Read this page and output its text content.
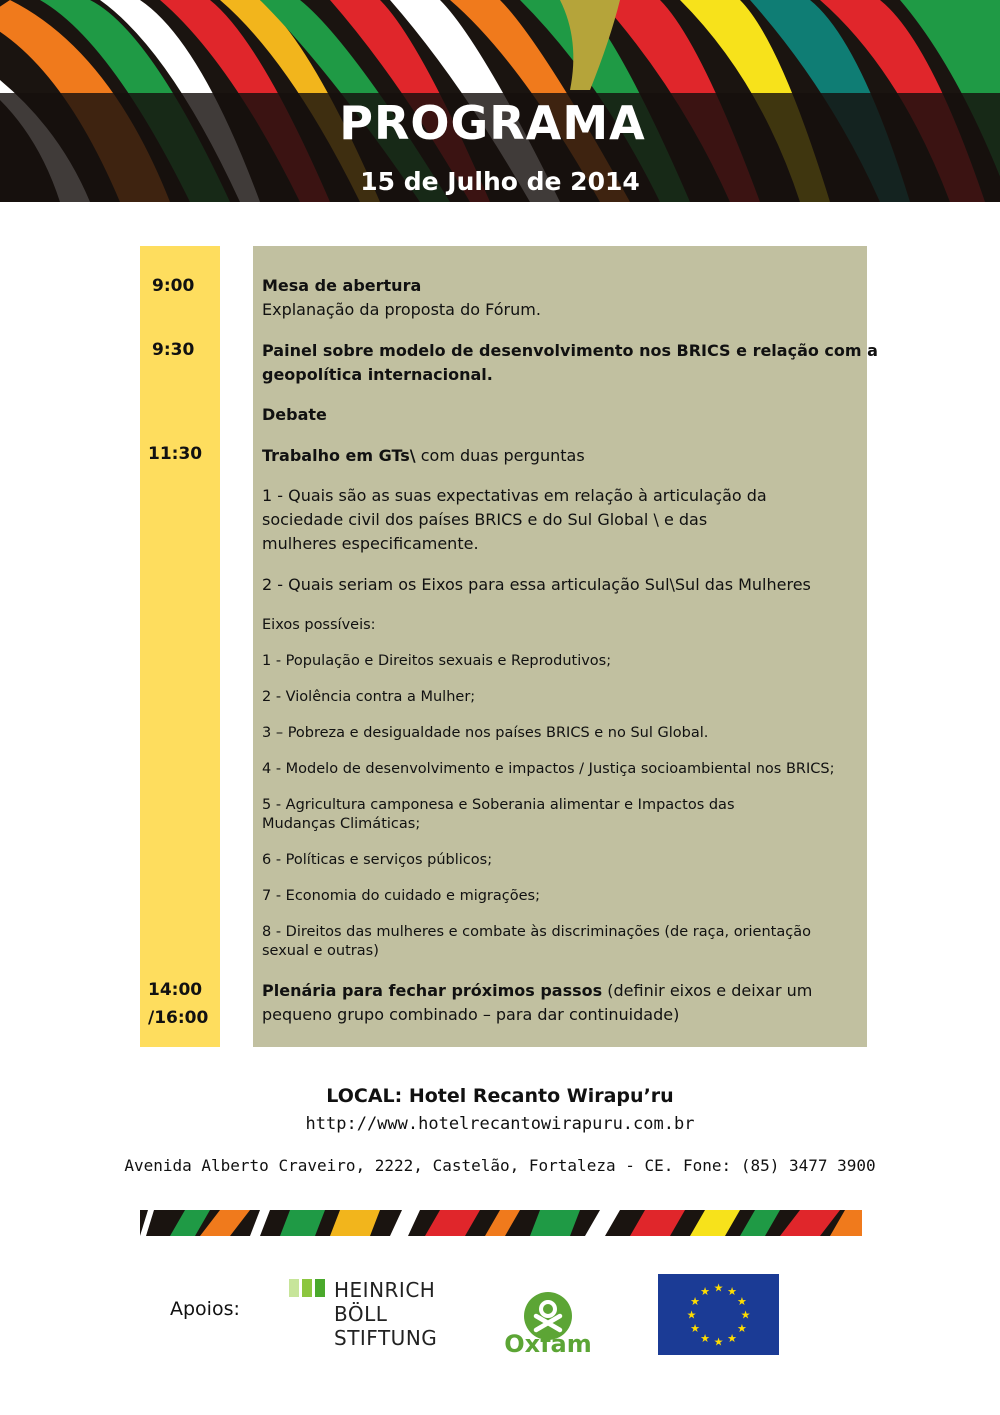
PROGRAMA
15 de Julho de 2014
9:00
9:30
11:30
14:00
/16:00
Mesa de abertura
Explanação da proposta do Fórum.
Painel sobre modelo de desenvolvimento nos BRICS e relação com a
geopolítica internacional.
Debate
Trabalho em GTs\ com duas perguntas
1 - Quais são as suas expectativas em relação à articulação da
sociedade civil dos países BRICS e do Sul Global \ e das
mulheres especificamente.
2 - Quais seriam os Eixos para essa articulação Sul\Sul das Mulheres
Eixos possíveis:
1 - População e Direitos sexuais e Reprodutivos;
2 - Violência contra a Mulher;
3 – Pobreza e desigualdade nos países BRICS e no Sul Global.
4 - Modelo de desenvolvimento e impactos / Justiça socioambiental nos BRICS;
5 - Agricultura camponesa e Soberania alimentar e Impactos das
Mudanças Climáticas;
6 - Políticas e serviços públicos;
7 - Economia do cuidado e migrações;
8 - Direitos das mulheres e combate às discriminações (de raça, orientação
sexual e outras)
Plenária para fechar próximos passos (definir eixos e deixar um
pequeno grupo combinado – para dar continuidade)
LOCAL: Hotel Recanto Wirapu’ru
http://www.hotelrecantowirapuru.com.br
Avenida Alberto Craveiro, 2222, Castelão, Fortaleza - CE. Fone: (85) 3477 3900
Apoios:
HEINRICH
BÖLL
STIFTUNG	Oxfam
★ ★
★
★
★
★
★
★
★
★
★
★
